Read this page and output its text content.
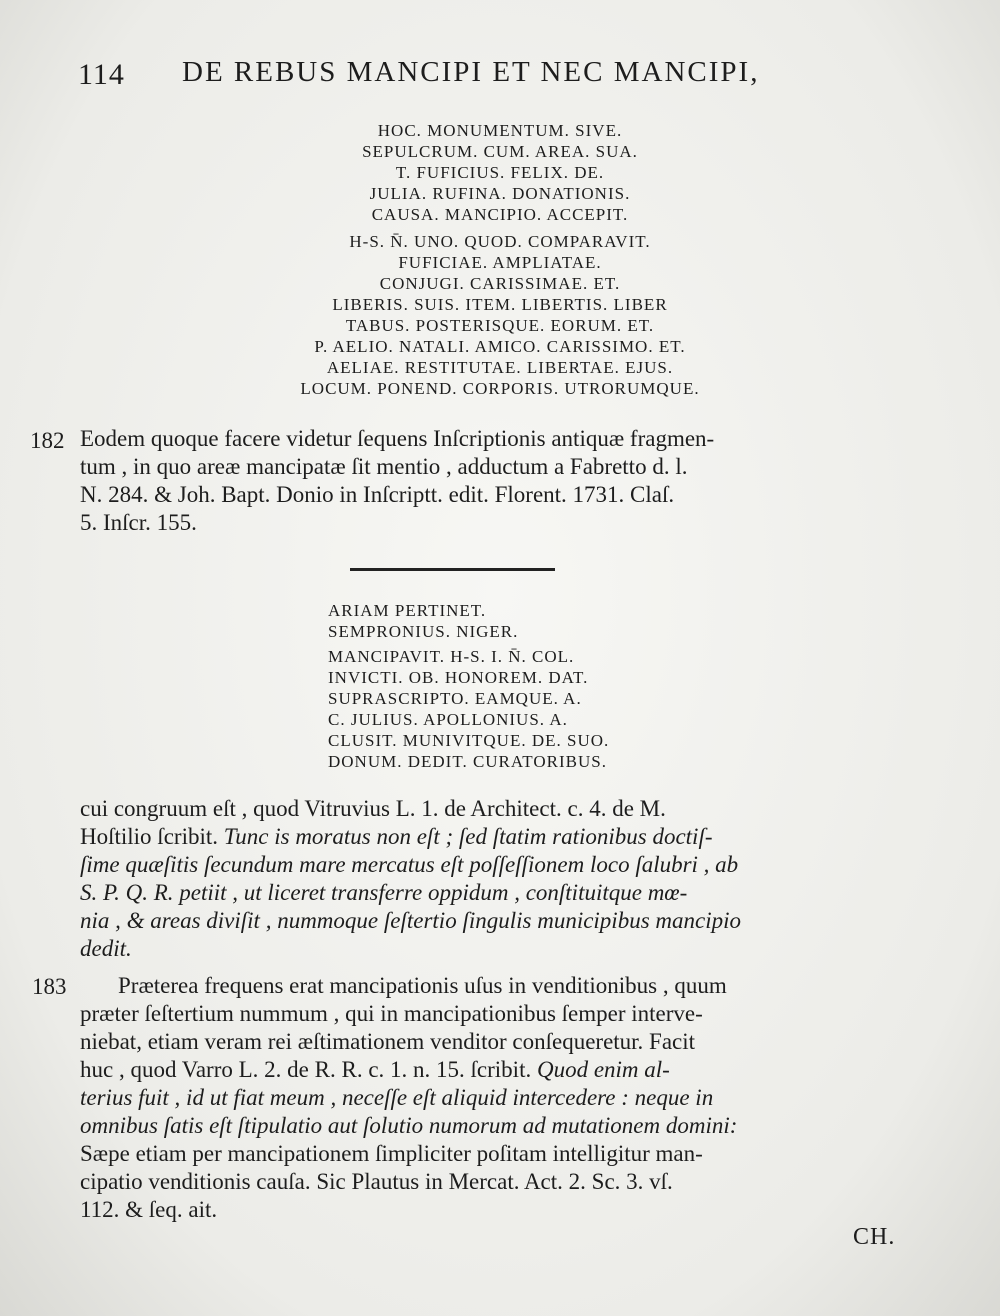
114 DE REBUS MANCIPI ET NEC MANCIPI,
HOC. MONUMENTUM. SIVE.
SEPULCRUM. CUM. AREA. SUA.
T. FUFICIUS. FELIX. DE.
JULIA. RUFINA. DONATIONIS.
CAUSA. MANCIPIO. ACCEPIT.
H-S. N̄. UNO. QUOD. COMPARAVIT.
FUFICIAE. AMPLIATAE.
CONJUGI. CARISSIMAE. ET.
LIBERIS. SUIS. ITEM. LIBERTIS. LIBER
TABUS. POSTERISQUE. EORUM. ET.
P. AELIO. NATALI. AMICO. CARISSIMO. ET.
AELIAE. RESTITUTAE. LIBERTAE. EJUS.
LOCUM. PONEND. CORPORIS. UTRORUMQUE.
182 Eodem quoque facere videtur ſequens Inſcriptionis antiquæ fragmen-
tum , in quo areæ mancipatæ ſit mentio , adductum a Fabretto d. l.
N. 284. & Joh. Bapt. Donio in Inſcriptt. edit. Florent. 1731. Claſ.
5. Inſcr. 155.
ARIAM PERTINET.
SEMPRONIUS. NIGER.
MANCIPAVIT. H-S. I. N̄. COL.
INVICTI. OB. HONOREM. DAT.
SUPRASCRIPTO. EAMQUE. A.
C. JULIUS. APOLLONIUS. A.
CLUSIT. MUNIVITQUE. DE. SUO.
DONUM. DEDIT. CURATORIBUS.
cui congruum eſt , quod Vitruvius L. 1. de Architect. c. 4. de M.
Hoſtilio ſcribit. Tunc is moratus non eſt ; ſed ſtatim rationibus doctiſ-
ſime quæſitis ſecundum mare mercatus eſt poſſeſſionem loco ſalubri , ab
S. P. Q. R. petiit , ut liceret transferre oppidum , conſtituitque mœ-
nia , & areas diviſit , nummoque ſeſtertio ſingulis municipibus mancipio
dedit.
183 Præterea frequens erat mancipationis uſus in venditionibus , quum
præter ſeſtertium nummum , qui in mancipationibus ſemper interve-
niebat, etiam veram rei æſtimationem venditor conſequeretur. Facit
huc , quod Varro L. 2. de R. R. c. 1. n. 15. ſcribit. Quod enim al-
terius fuit , id ut fiat meum , neceſſe eſt aliquid intercedere : neque in
omnibus ſatis eſt ſtipulatio aut ſolutio numorum ad mutationem domini:
Sæpe etiam per mancipationem ſimpliciter poſitam intelligitur man-
cipatio venditionis cauſa. Sic Plautus in Mercat. Act. 2. Sc. 3. vſ.
112. & ſeq. ait.
CH.
